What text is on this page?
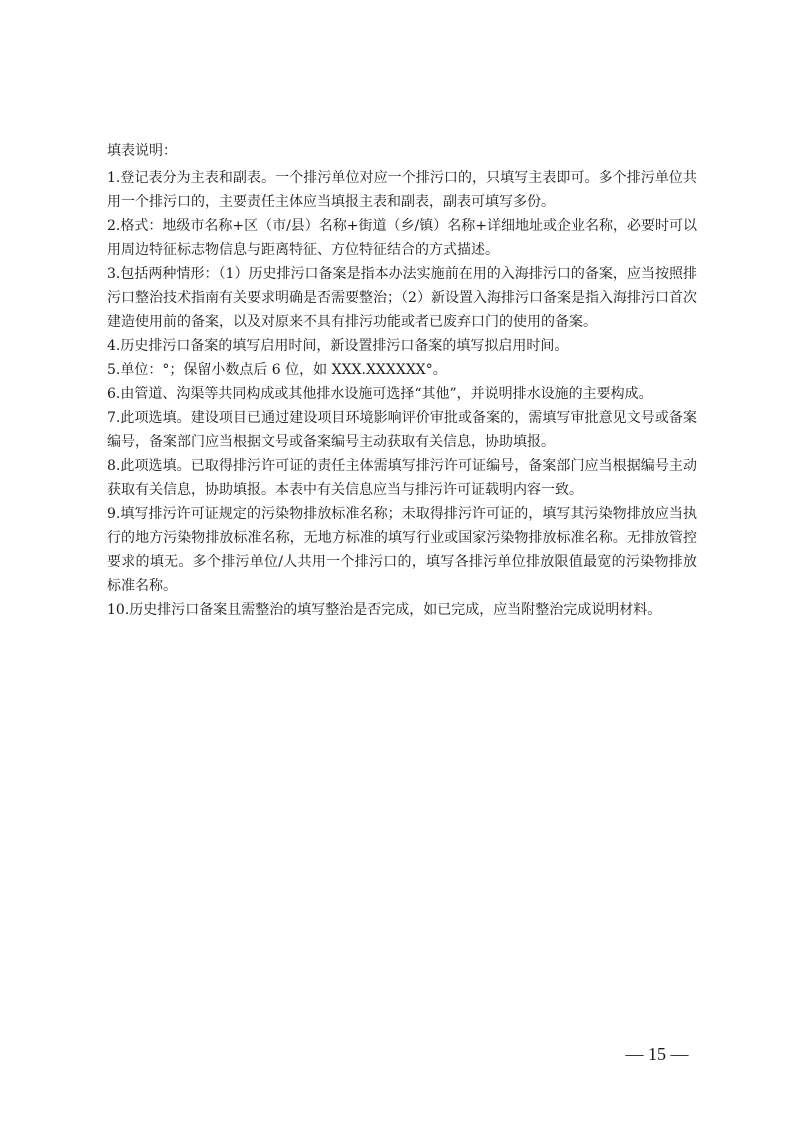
填表说明：

1.登记表分为主表和副表。一个排污单位对应一个排污口的，只填写主表即可。多个排污单位共用一个排污口的，主要责任主体应当填报主表和副表，副表可填写多份。
2.格式：地级市名称+区（市/县）名称+街道（乡/镇）名称+详细地址或企业名称，必要时可以用周边特征标志物信息与距离特征、方位特征结合的方式描述。
3.包括两种情形：（1）历史排污口备案是指本办法实施前在用的入海排污口的备案，应当按照排污口整治技术指南有关要求明确是否需要整治；（2）新设置入海排污口备案是指入海排污口首次建造使用前的备案，以及对原来不具有排污功能或者已废弃口门的使用的备案。
4.历史排污口备案的填写启用时间，新设置排污口备案的填写拟启用时间。
5.单位：°；保留小数点后 6 位，如 XXX.XXXXXX°。
6.由管道、沟渠等共同构成或其他排水设施可选择“其他”，并说明排水设施的主要构成。
7.此项选填。建设项目已通过建设项目环境影响评价审批或备案的，需填写审批意见文号或备案编号，备案部门应当根据文号或备案编号主动获取有关信息，协助填报。
8.此项选填。已取得排污许可证的责任主体需填写排污许可证编号，备案部门应当根据编号主动获取有关信息，协助填报。本表中有关信息应当与排污许可证载明内容一致。
9.填写排污许可证规定的污染物排放标准名称；未取得排污许可证的，填写其污染物排放应当执行的地方污染物排放标准名称，无地方标准的填写行业或国家污染物排放标准名称。无排放管控要求的填无。多个排污单位/人共用一个排污口的，填写各排污单位排放限值最宽的污染物排放标准名称。
10.历史排污口备案且需整治的填写整治是否完成，如已完成，应当附整治完成说明材料。
— 15 —
